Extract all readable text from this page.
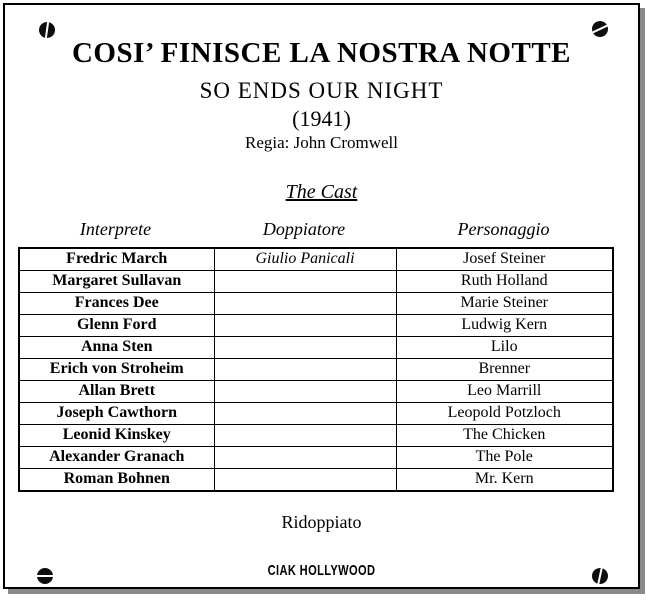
COSI’ FINISCE LA NOSTRA NOTTE
SO ENDS OUR NIGHT
(1941)
Regia: John Cromwell
The Cast
Interprete	Doppiatore	Personaggio
Fredric March	Giulio Panicali	Josef Steiner
Margaret Sullavan		Ruth Holland
Frances Dee		Marie Steiner
Glenn Ford		Ludwig Kern
Anna Sten		Lilo
Erich von Stroheim		Brenner
Allan Brett		Leo Marrill
Joseph Cawthorn		Leopold Potzloch
Leonid Kinskey		The Chicken
Alexander Granach		The Pole
Roman Bohnen		Mr. Kern
Ridoppiato
CIAK HOLLYWOOD
